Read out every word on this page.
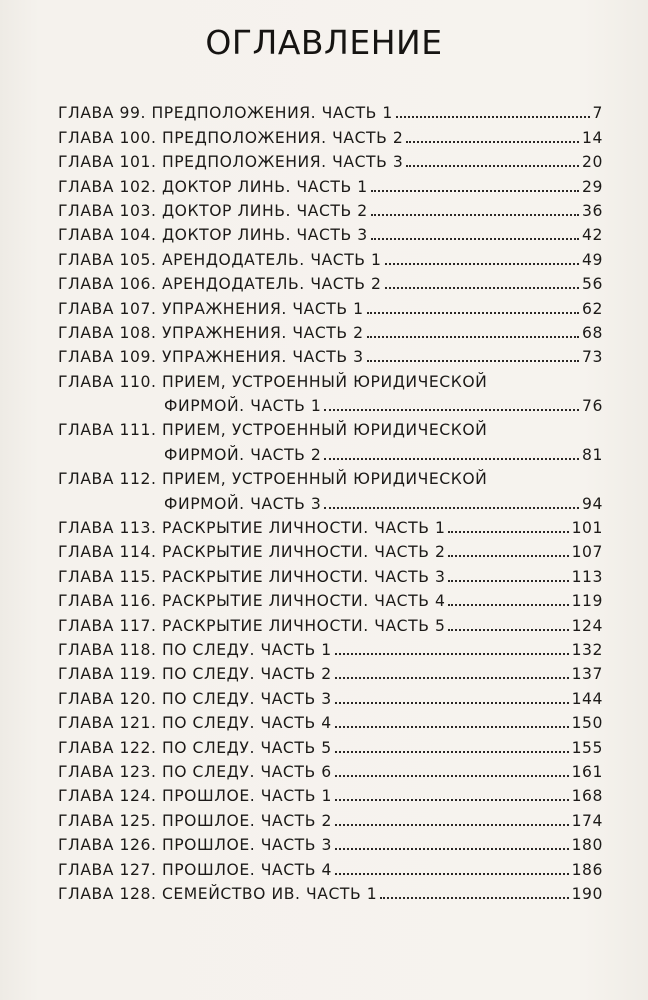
ОГЛАВЛЕНИЕ
ГЛАВА 99. ПРЕДПОЛОЖЕНИЯ. ЧАСТЬ 1	7
ГЛАВА 100. ПРЕДПОЛОЖЕНИЯ. ЧАСТЬ 2	14
ГЛАВА 101. ПРЕДПОЛОЖЕНИЯ. ЧАСТЬ 3	20
ГЛАВА 102. ДОКТОР ЛИНЬ. ЧАСТЬ 1	29
ГЛАВА 103. ДОКТОР ЛИНЬ. ЧАСТЬ 2	36
ГЛАВА 104. ДОКТОР ЛИНЬ. ЧАСТЬ 3	42
ГЛАВА 105. АРЕНДОДАТЕЛЬ. ЧАСТЬ 1	49
ГЛАВА 106. АРЕНДОДАТЕЛЬ. ЧАСТЬ 2	56
ГЛАВА 107. УПРАЖНЕНИЯ. ЧАСТЬ 1	62
ГЛАВА 108. УПРАЖНЕНИЯ. ЧАСТЬ 2	68
ГЛАВА 109. УПРАЖНЕНИЯ. ЧАСТЬ 3	73
ГЛАВА 110. ПРИЕМ, УСТРОЕННЫЙ ЮРИДИЧЕСКОЙ
ФИРМОЙ. ЧАСТЬ 1	76
ГЛАВА 111. ПРИЕМ, УСТРОЕННЫЙ ЮРИДИЧЕСКОЙ
ФИРМОЙ. ЧАСТЬ 2	81
ГЛАВА 112. ПРИЕМ, УСТРОЕННЫЙ ЮРИДИЧЕСКОЙ
ФИРМОЙ. ЧАСТЬ 3	94
ГЛАВА 113. РАСКРЫТИЕ ЛИЧНОСТИ. ЧАСТЬ 1	101
ГЛАВА 114. РАСКРЫТИЕ ЛИЧНОСТИ. ЧАСТЬ 2	107
ГЛАВА 115. РАСКРЫТИЕ ЛИЧНОСТИ. ЧАСТЬ 3	113
ГЛАВА 116. РАСКРЫТИЕ ЛИЧНОСТИ. ЧАСТЬ 4	119
ГЛАВА 117. РАСКРЫТИЕ ЛИЧНОСТИ. ЧАСТЬ 5	124
ГЛАВА 118. ПО СЛЕДУ. ЧАСТЬ 1	132
ГЛАВА 119. ПО СЛЕДУ. ЧАСТЬ 2	137
ГЛАВА 120. ПО СЛЕДУ. ЧАСТЬ 3	144
ГЛАВА 121. ПО СЛЕДУ. ЧАСТЬ 4	150
ГЛАВА 122. ПО СЛЕДУ. ЧАСТЬ 5	155
ГЛАВА 123. ПО СЛЕДУ. ЧАСТЬ 6	161
ГЛАВА 124. ПРОШЛОЕ. ЧАСТЬ 1	168
ГЛАВА 125. ПРОШЛОЕ. ЧАСТЬ 2	174
ГЛАВА 126. ПРОШЛОЕ. ЧАСТЬ 3	180
ГЛАВА 127. ПРОШЛОЕ. ЧАСТЬ 4	186
ГЛАВА 128. СЕМЕЙСТВО ИВ. ЧАСТЬ 1	190
